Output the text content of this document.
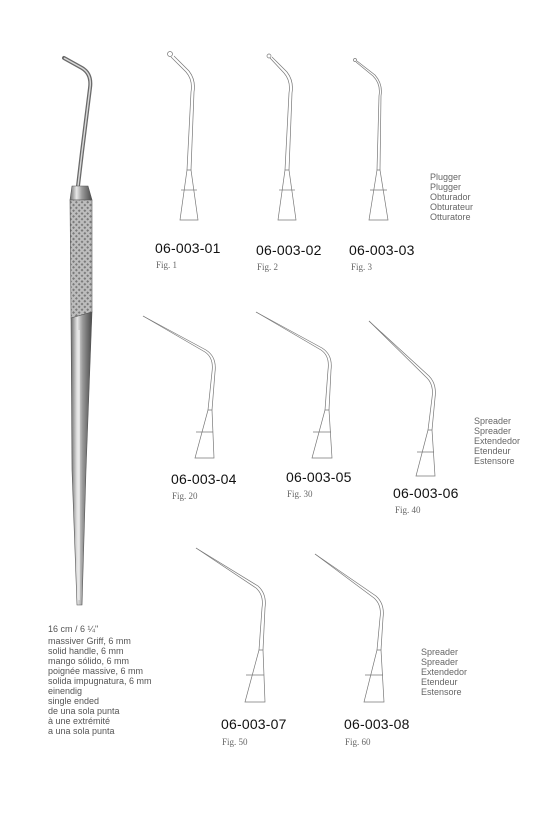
06-003-01
Fig. 1
06-003-02
Fig. 2
06-003-03
Fig. 3
06-003-04
Fig. 20
06-003-05
Fig. 30	06-003-06
Fig. 40
06-003-07
Fig. 50
06-003-08
Fig. 60
Plugger
Plugger
Obturador
Obturateur
Otturatore
Spreader
Spreader
Extendedor
Etendeur
Estensore
Spreader
Spreader
Extendedor
Etendeur
Estensore
16 cm / 6 ¼"
massiver Griff, 6 mm
solid handle, 6 mm
mango sólido, 6 mm
poignée massive, 6 mm
solida impugnatura, 6 mm
einendig
single ended
de una sola punta
à une extrémité
a una sola punta
